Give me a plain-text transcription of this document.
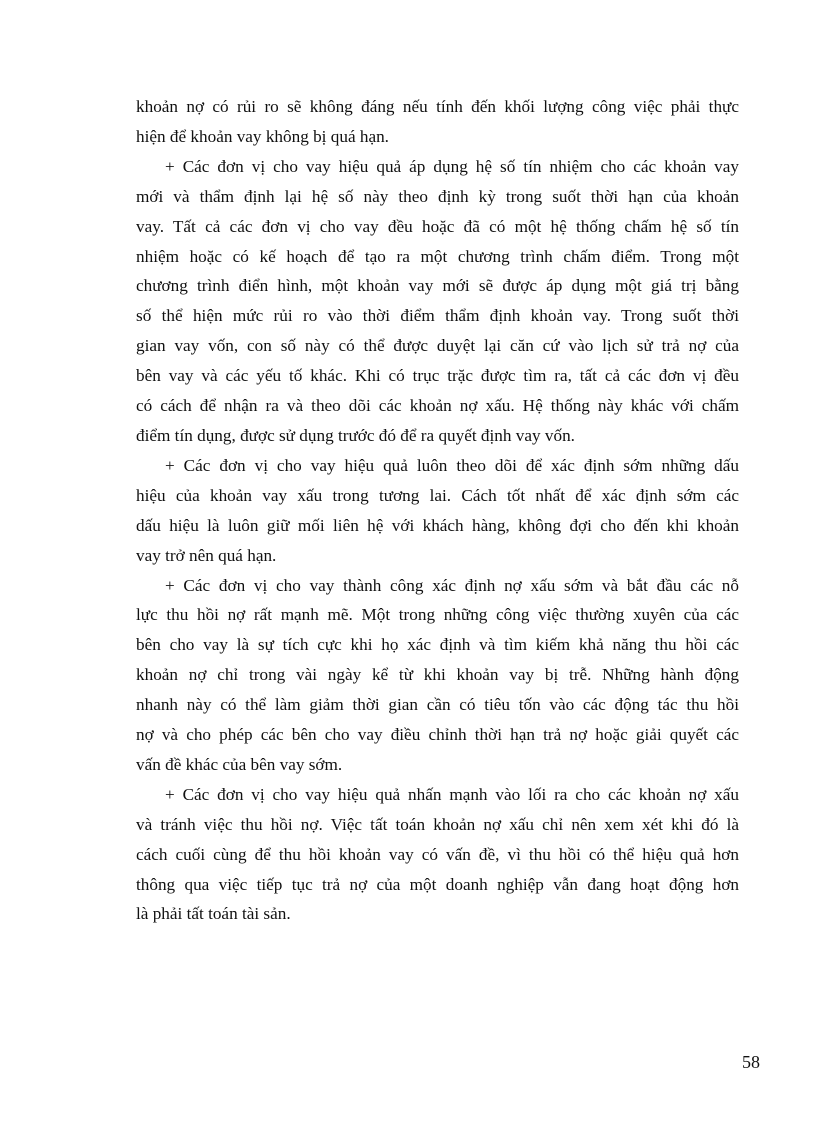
khoản nợ có rủi ro sẽ không đáng nếu tính đến khối lượng công việc phải thực
hiện để khoản vay không bị quá hạn.

+ Các đơn vị cho vay hiệu quả áp dụng hệ số tín nhiệm cho các khoản vay
mới và thẩm định lại hệ số này theo định kỳ trong suốt thời hạn của khoản
vay. Tất cả các đơn vị cho vay đều hoặc đã có một hệ thống chấm hệ số tín
nhiệm hoặc có kế hoạch để tạo ra một chương trình chấm điểm. Trong một
chương trình điển hình, một khoản vay mới sẽ được áp dụng một giá trị bằng
số thể hiện mức rủi ro vào thời điểm thẩm định khoản vay. Trong suốt thời
gian vay vốn, con số này có thể được duyệt lại căn cứ vào lịch sử trả nợ của
bên vay và các yếu tố khác. Khi có trục trặc được tìm ra, tất cả các đơn vị đều
có cách để nhận ra và theo dõi các khoản nợ xấu. Hệ thống này khác với chấm
điểm tín dụng, được sử dụng trước đó để ra quyết định vay vốn.

+ Các đơn vị cho vay hiệu quả luôn theo dõi để xác định sớm những dấu
hiệu của khoản vay xấu trong tương lai. Cách tốt nhất để xác định sớm các
dấu hiệu là luôn giữ mối liên hệ với khách hàng, không đợi cho đến khi khoản
vay trở nên quá hạn.

+ Các đơn vị cho vay thành công xác định nợ xấu sớm và bắt đầu các nỗ
lực thu hồi nợ rất mạnh mẽ. Một trong những công việc thường xuyên của các
bên cho vay là sự tích cực khi họ xác định và tìm kiếm khả năng thu hồi các
khoản nợ chỉ trong vài ngày kể từ khi khoản vay bị trễ. Những hành động
nhanh này có thể làm giảm thời gian cần có tiêu tốn vào các động tác thu hồi
nợ và cho phép các bên cho vay điều chỉnh thời hạn trả nợ hoặc giải quyết các
vấn đề khác của bên vay sớm.

+ Các đơn vị cho vay hiệu quả nhấn mạnh vào lối ra cho các khoản nợ xấu
và tránh việc thu hồi nợ. Việc tất toán khoản nợ xấu chỉ nên xem xét khi đó là
cách cuối cùng để thu hồi khoản vay có vấn đề, vì thu hồi có thể hiệu quả hơn
thông qua việc tiếp tục trả nợ của một doanh nghiệp vẫn đang hoạt động hơn
là phải tất toán tài sản.

58
